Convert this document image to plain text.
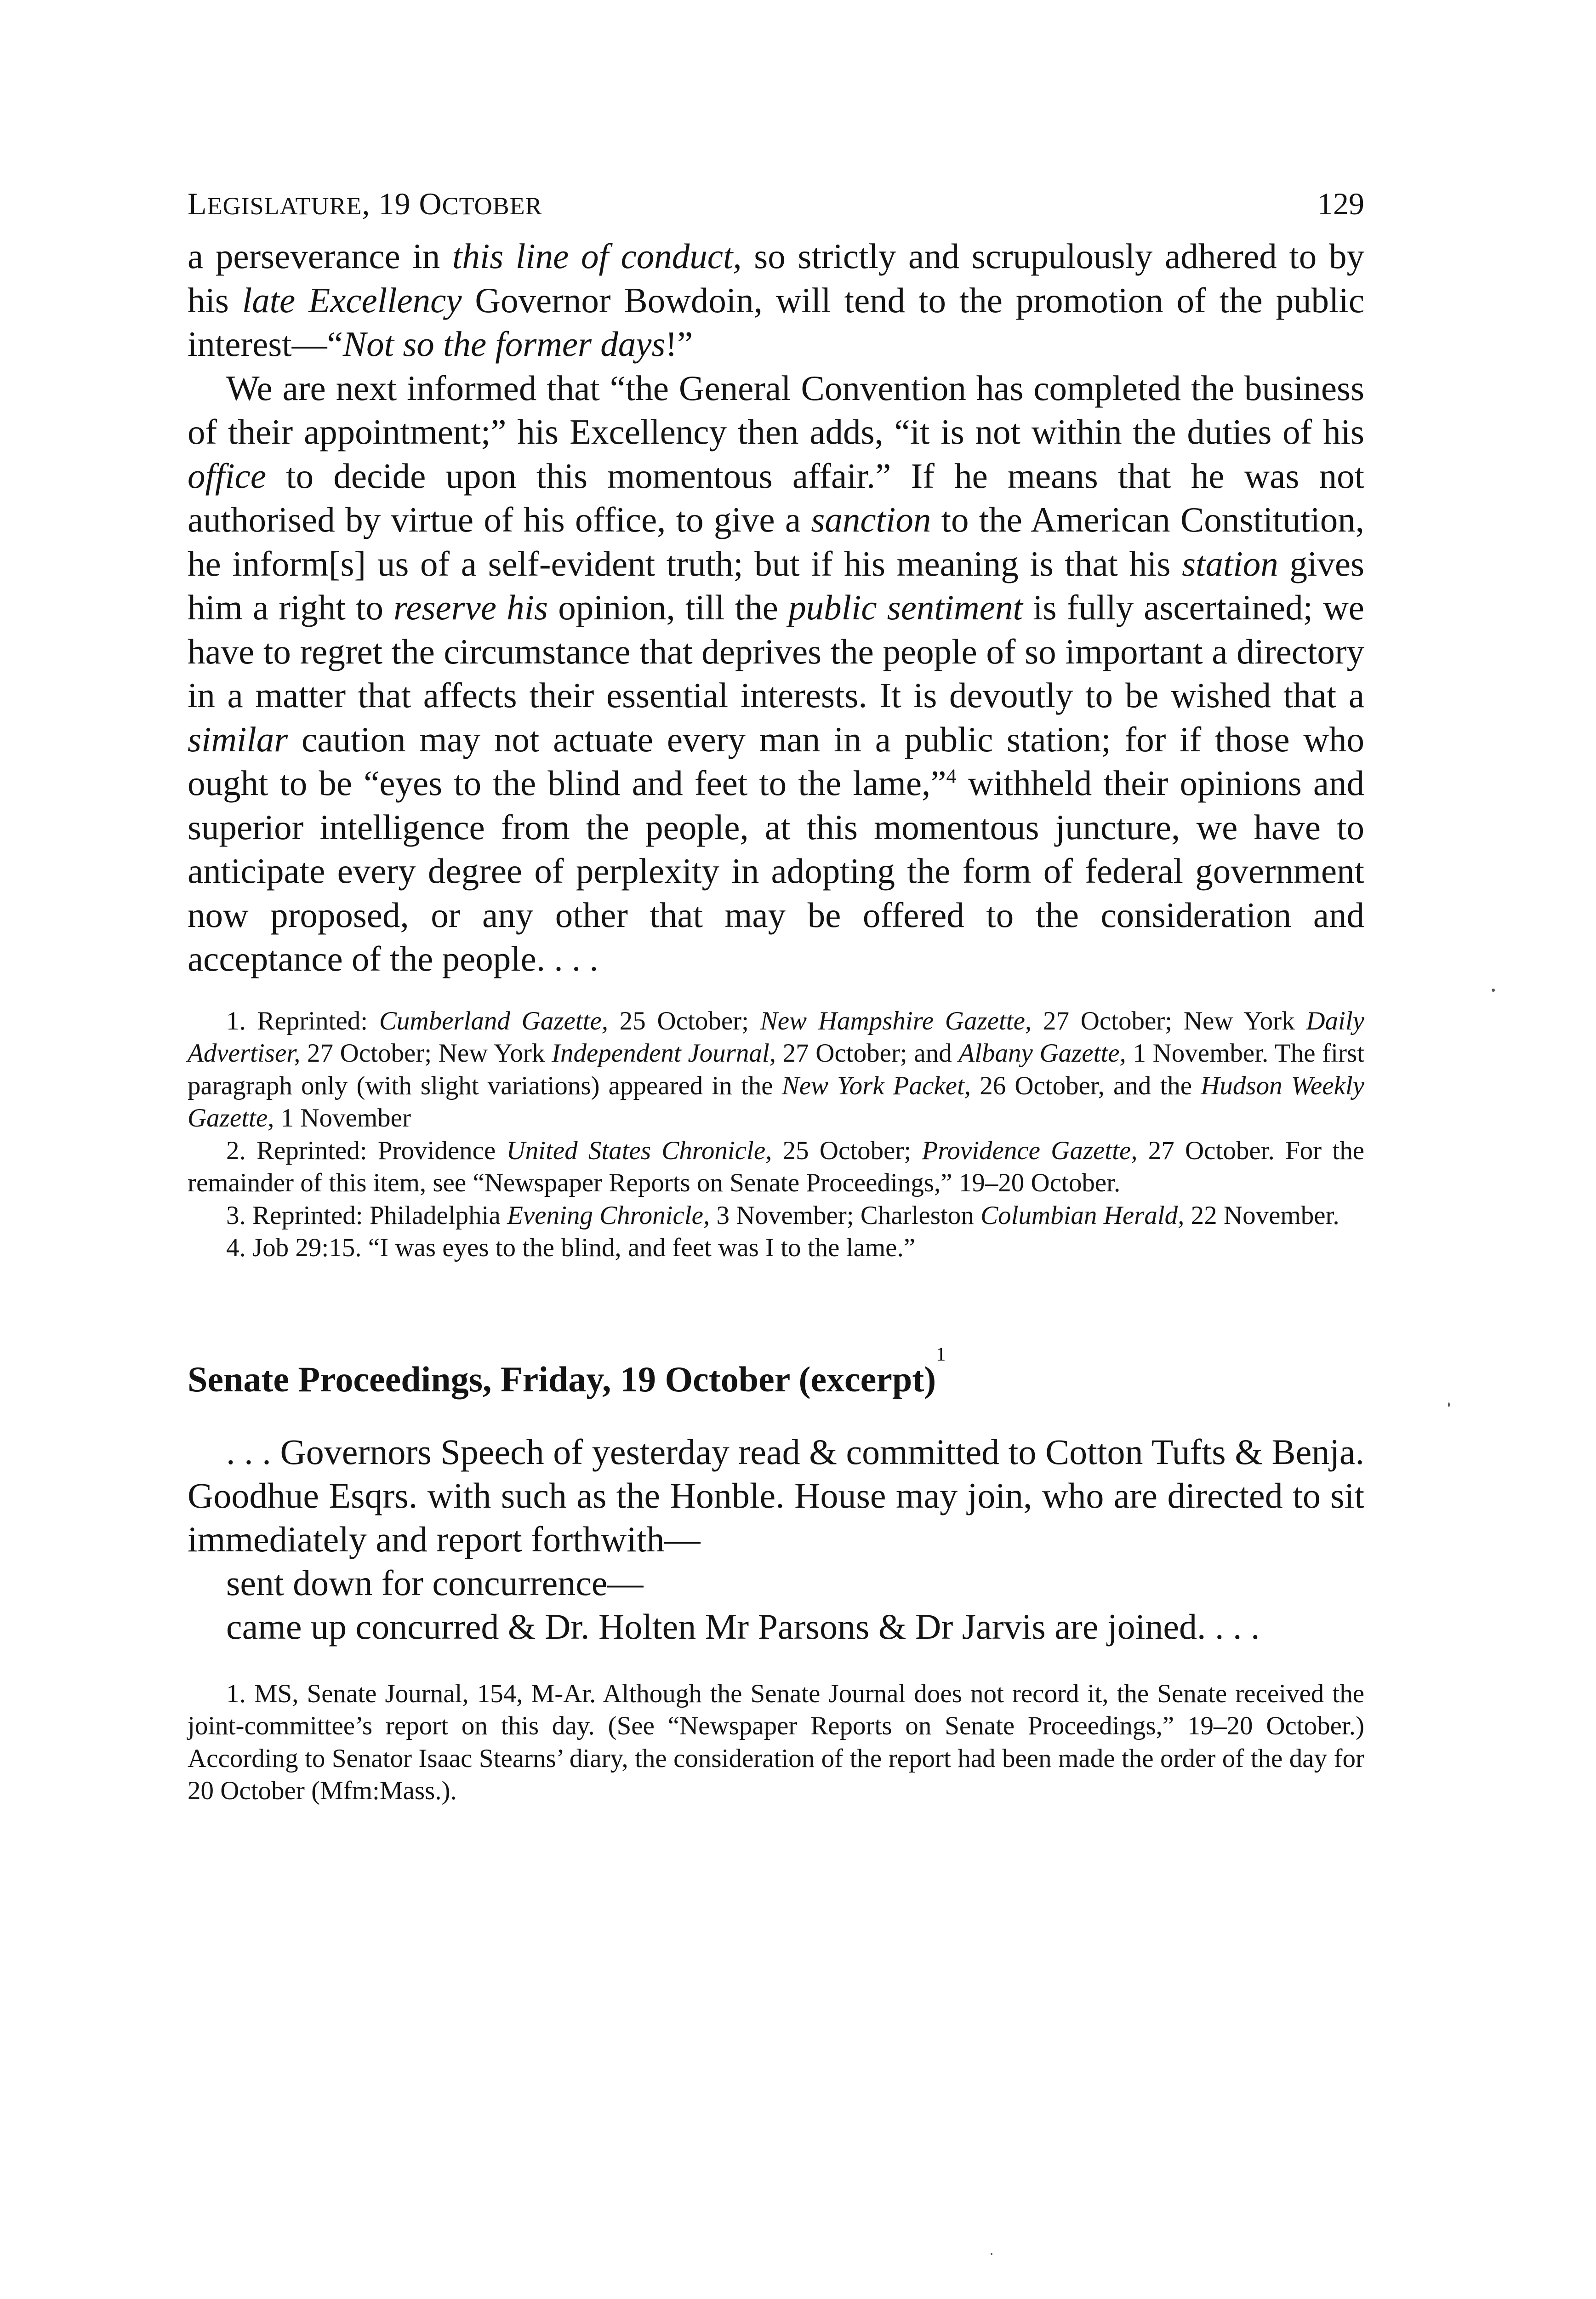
LEGISLATURE, 19 OCTOBER	129

a perseverance in this line of conduct, so strictly and scrupulously adhered to by his late Excellency Governor Bowdoin, will tend to the promotion of the public interest—“Not so the former days!”

We are next informed that “the General Convention has completed the business of their appointment;” his Excellency then adds, “it is not within the duties of his office to decide upon this momentous affair.” If he means that he was not authorised by virtue of his office, to give a sanction to the American Constitution, he inform[s] us of a self-evident truth; but if his meaning is that his station gives him a right to reserve his opinion, till the public sentiment is fully ascertained; we have to regret the circumstance that deprives the people of so important a directory in a matter that affects their essential interests. It is devoutly to be wished that a similar caution may not actuate every man in a public station; for if those who ought to be “eyes to the blind and feet to the lame,”$^4$ withheld their opinions and superior intelligence from the people, at this momentous juncture, we have to anticipate every degree of perplexity in adopting the form of federal government now proposed, or any other that may be offered to the consideration and acceptance of the people. . . .

1. Reprinted: Cumberland Gazette, 25 October; New Hampshire Gazette, 27 October; New York Daily Advertiser, 27 October; New York Independent Journal, 27 October; and Albany Gazette, 1 November. The first paragraph only (with slight variations) appeared in the New York Packet, 26 October, and the Hudson Weekly Gazette, 1 November

2. Reprinted: Providence United States Chronicle, 25 October; Providence Gazette, 27 October. For the remainder of this item, see “Newspaper Reports on Senate Proceedings,” 19–20 October.

3. Reprinted: Philadelphia Evening Chronicle, 3 November; Charleston Columbian Herald, 22 November.

4. Job 29:15. “I was eyes to the blind, and feet was I to the lame.”

Senate Proceedings, Friday, 19 October (excerpt)$^1$

. . . Governors Speech of yesterday read & committed to Cotton Tufts & Benja. Goodhue Esqrs. with such as the Honble. House may join, who are directed to sit immediately and report forthwith—

sent down for concurrence—

came up concurred & Dr. Holten Mr Parsons & Dr Jarvis are joined. . . .

1. MS, Senate Journal, 154, M-Ar. Although the Senate Journal does not record it, the Senate received the joint-committee’s report on this day. (See “Newspaper Reports on Senate Proceedings,” 19–20 October.) According to Senator Isaac Stearns’ diary, the consideration of the report had been made the order of the day for 20 October (Mfm:Mass.).
